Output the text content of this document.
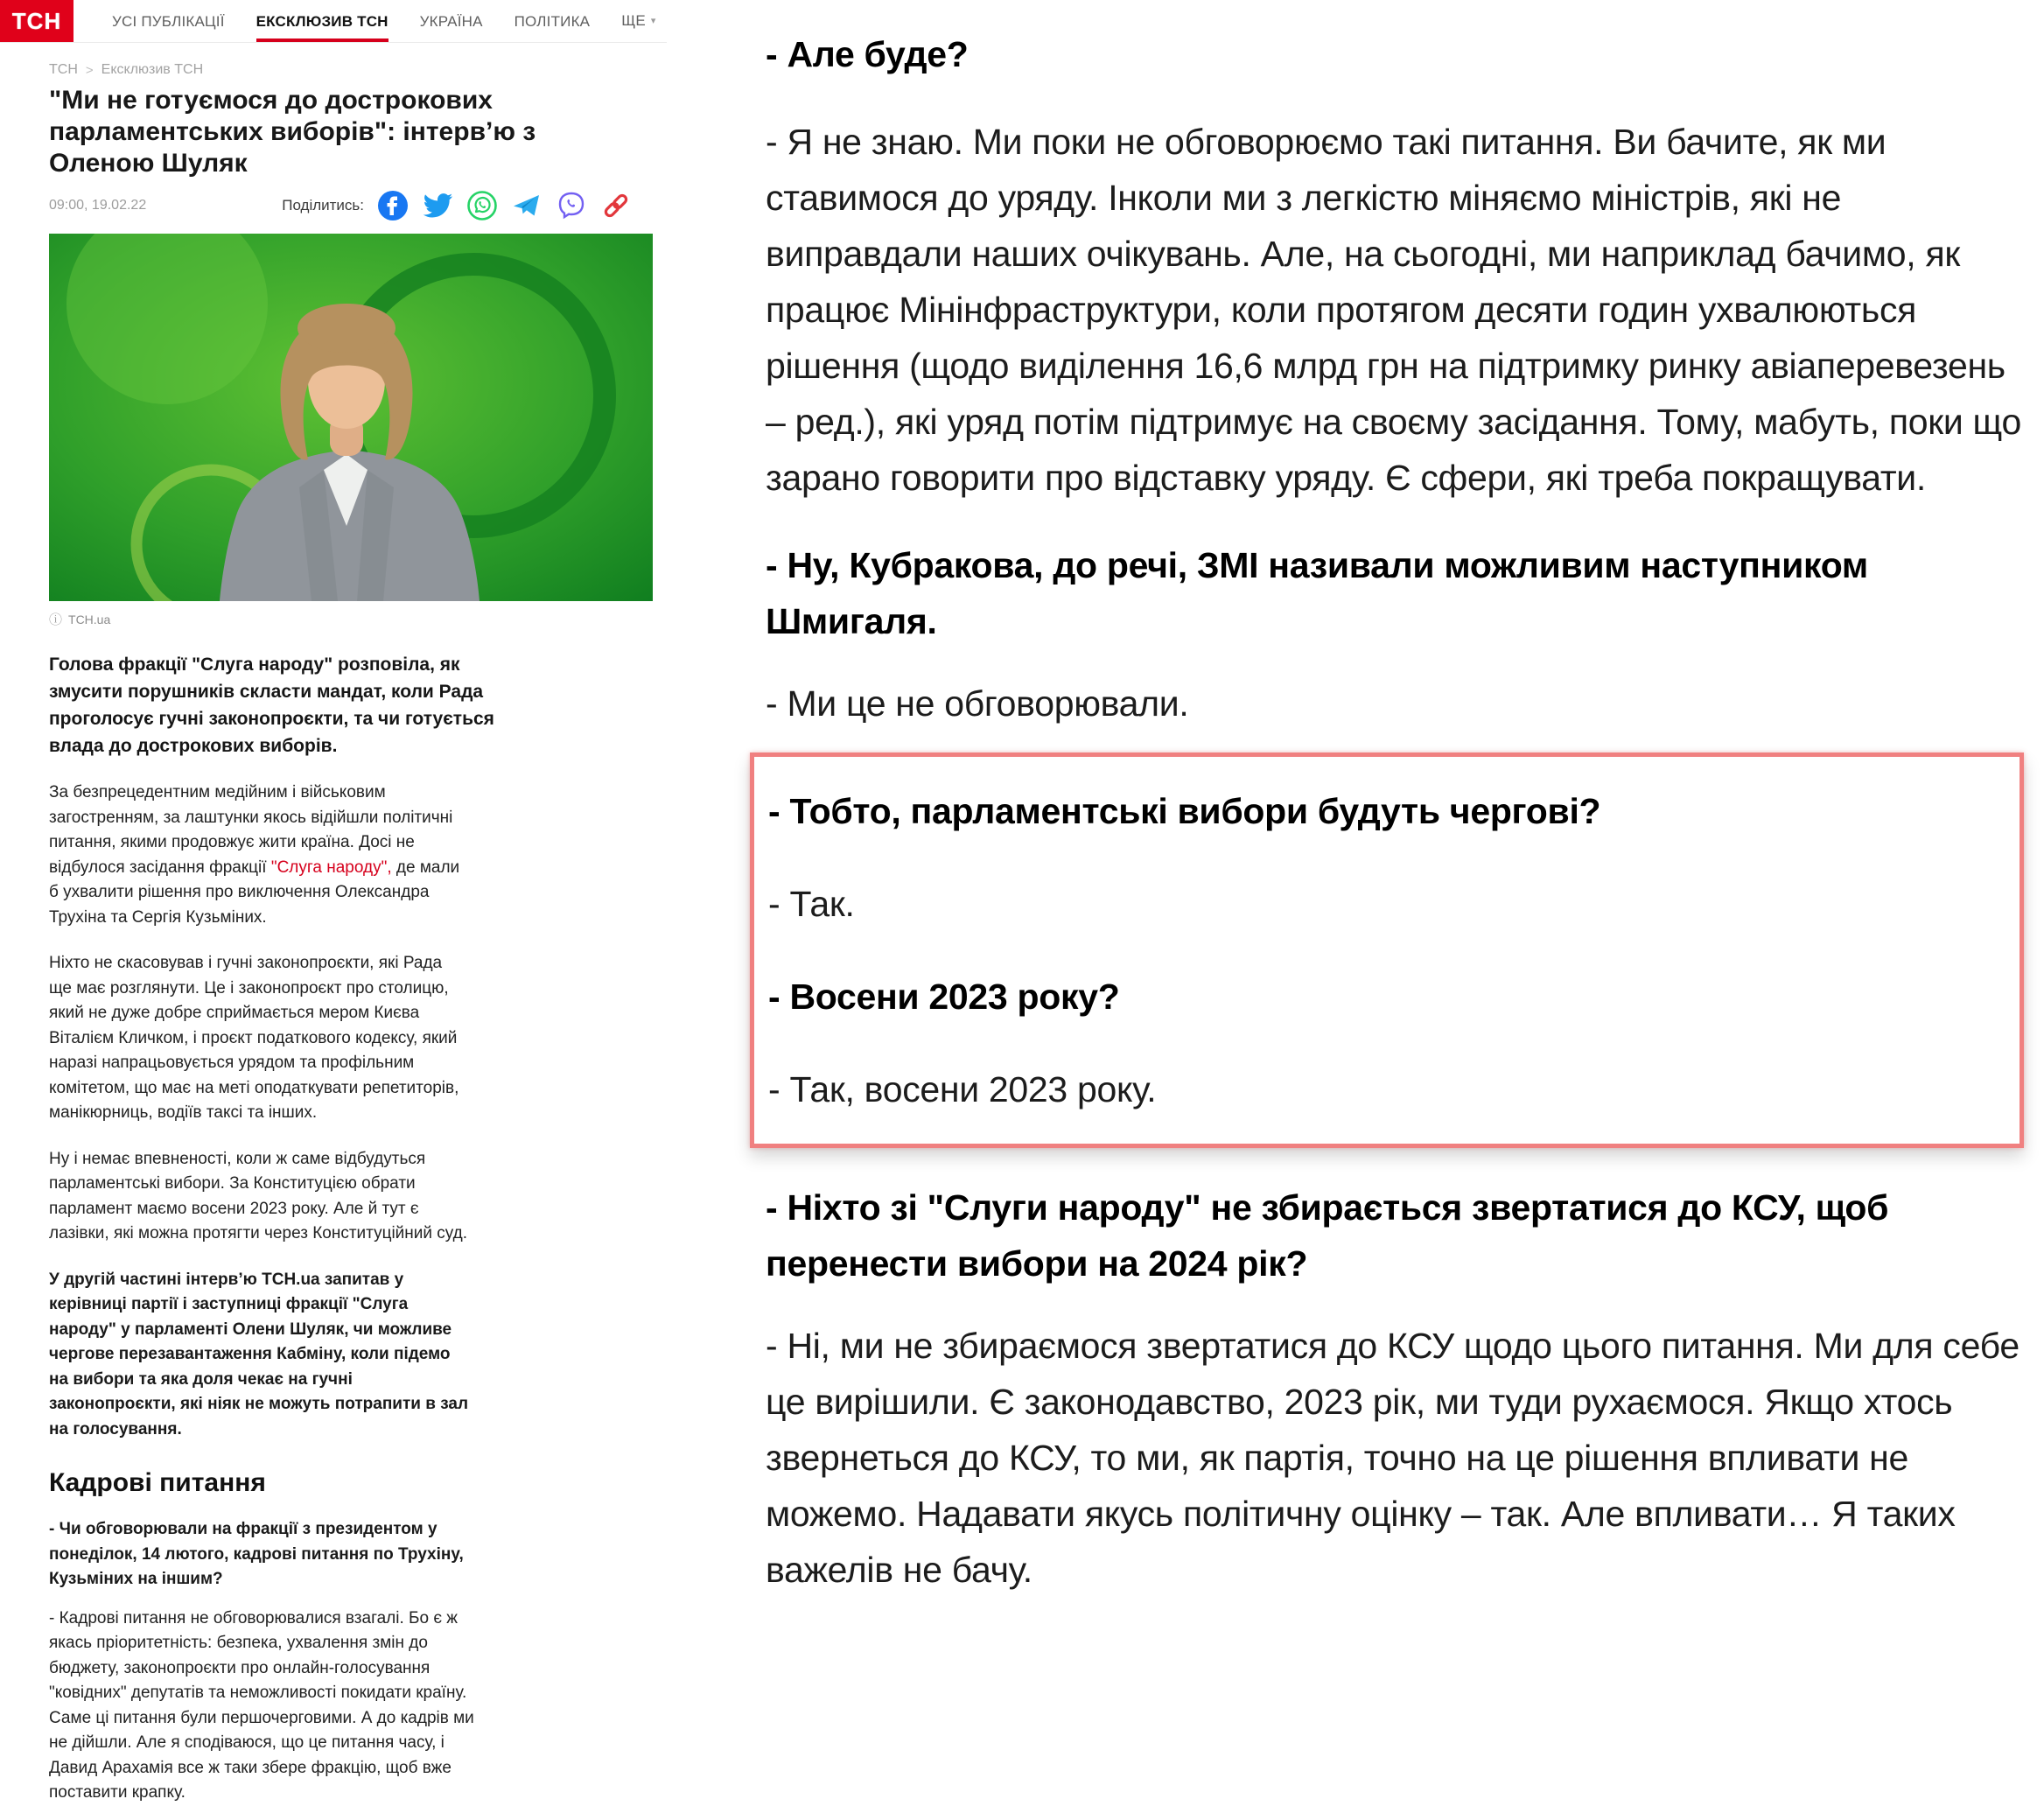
ТСН	УСІ ПУБЛІКАЦІЇ ЕКСКЛЮЗИВ ТСН УКРАЇНА ПОЛІТИКА ЩЕ ▾
ТСН > Ексклюзив ТСН
"Ми не готуємося до дострокових парламентських виборів": інтерв’ю з Оленою Шуляк
09:00, 19.02.22	Поділитись:
ⓘ ТСН.ua
Голова фракції "Слуга народу" розповіла, як змусити порушників скласти мандат, коли Рада проголосує гучні законопроєкти, та чи готується влада до дострокових виборів.

За безпрецедентним медійним і військовим загостренням, за лаштунки якось відійшли політичні питання, якими продовжує жити країна. Досі не відбулося засідання фракції "Слуга народу", де мали б ухвалити рішення про виключення Олександра Трухіна та Сергія Кузьміних.

Ніхто не скасовував і гучні законопроєкти, які Рада ще має розглянути. Це і законопроєкт про столицю, який не дуже добре сприймається мером Києва Віталієм Кличком, і проєкт податкового кодексу, який наразі напрацьовується урядом та профільним комітетом, що має на меті оподаткувати репетиторів, манікюрниць, водіїв таксі та інших.

Ну і немає впевненості, коли ж саме відбудуться парламентські вибори. За Конституцією обрати парламент маємо восени 2023 року. Але й тут є лазівки, які можна протягти через Конституційний суд.

У другій частині інтерв’ю ТСН.ua запитав у керівниці партії і заступниці фракції "Слуга народу" у парламенті Олени Шуляк, чи можливе чергове перезавантаження Кабміну, коли підемо на вибори та яка доля чекає на гучні законопроєкти, які ніяк не можуть потрапити в зал на голосування.

Кадрові питання

- Чи обговорювали на фракції з президентом у понеділок, 14 лютого, кадрові питання по Трухіну, Кузьміних на іншим?

- Кадрові питання не обговорювалися взагалі. Бо є ж якась пріоритетність: безпека, ухвалення змін до бюджету, законопроєкти про онлайн-голосування "ковідних" депутатів та неможливості покидати країну. Саме ці питання були першочерговими. А до кадрів ми не дійшли. Але я сподіваюся, що це питання часу, і Давид Арахамія все ж таки збере фракцію, щоб вже поставити крапку.

- Але буде?
- Я не знаю. Ми поки не обговорюємо такі питання. Ви бачите, як ми ставимося до уряду. Інколи ми з легкістю міняємо міністрів, які не виправдали наших очікувань. Але, на сьогодні, ми наприклад бачимо, як працює Мінінфраструктури, коли протягом десяти годин ухвалюються рішення (щодо виділення 16,6 млрд грн на підтримку ринку авіаперевезень – ред.), які уряд потім підтримує на своєму засідання. Тому, мабуть, поки що зарано говорити про відставку уряду. Є сфери, які треба покращувати.
- Ну, Кубракова, до речі, ЗМІ називали можливим наступником Шмигаля.
- Ми це не обговорювали.
- Тобто, парламентські вибори будуть чергові?
- Так.
- Восени 2023 року?
- Так, восени 2023 року.
- Ніхто зі "Слуги народу" не збирається звертатися до КСУ, щоб перенести вибори на 2024 рік?
- Ні, ми не збираємося звертатися до КСУ щодо цього питання. Ми для себе це вирішили. Є законодавство, 2023 рік, ми туди рухаємося. Якщо хтось звернеться до КСУ, то ми, як партія, точно на це рішення впливати не можемо. Надавати якусь політичну оцінку – так. Але впливати… Я таких важелів не бачу.
